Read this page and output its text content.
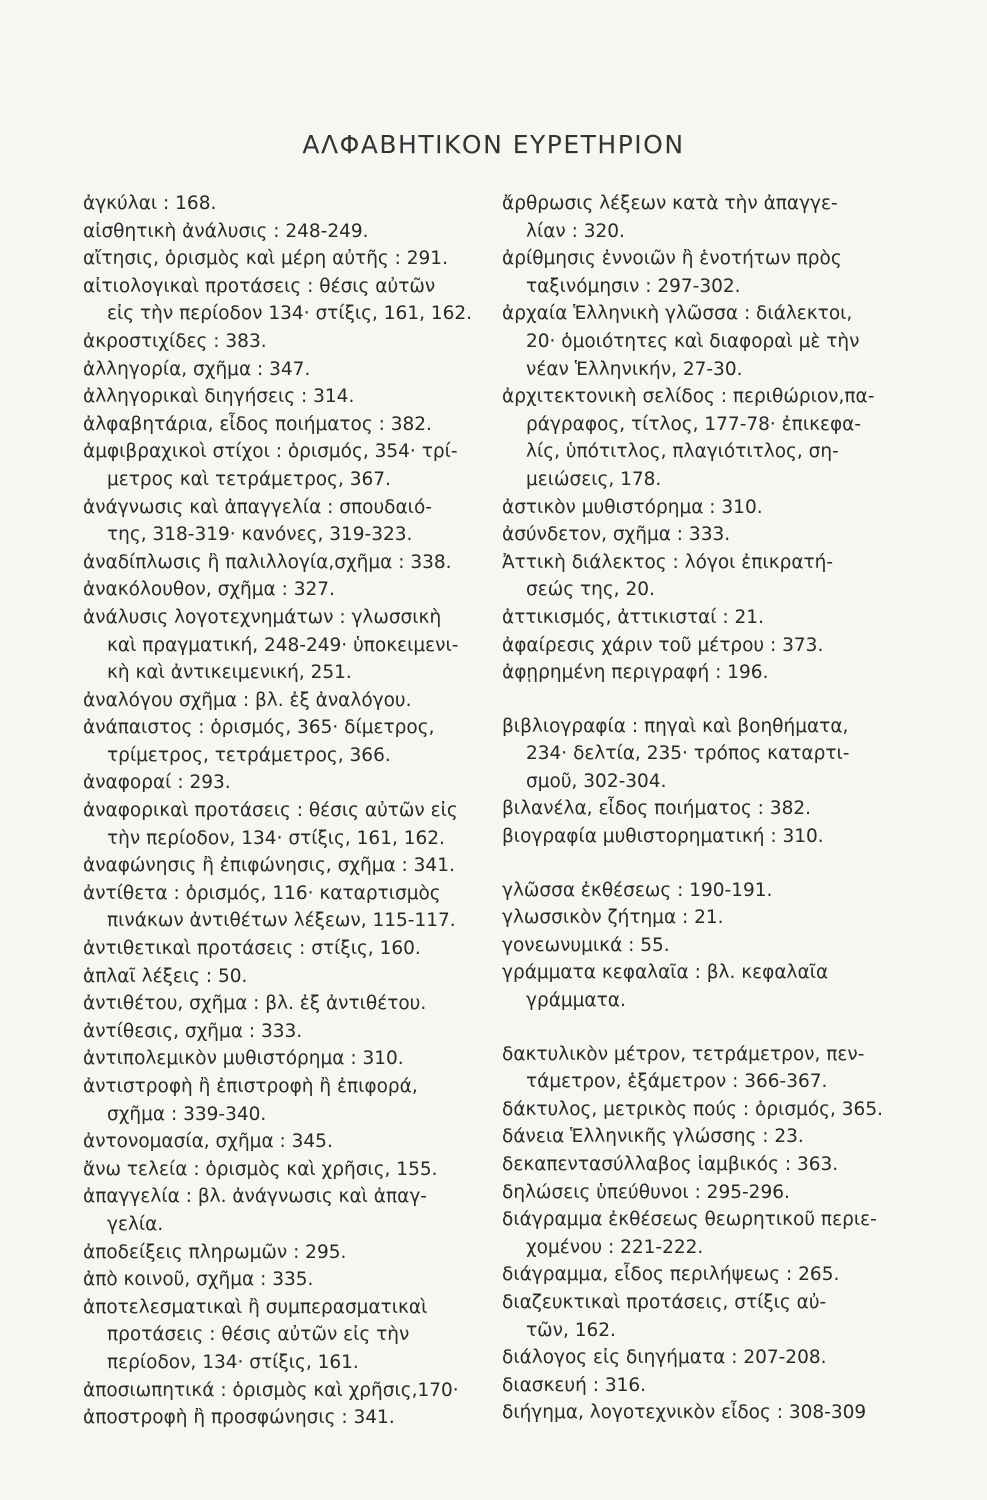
ΑΛΦΑΒΗΤΙΚΟΝ ΕΥΡΕΤΗΡΙΟΝ
ἀγκύλαι : 168.
αἰσθητικὴ ἀνάλυσις : 248-249.
αἴτησις, ὁρισμὸς καὶ μέρη αὐτῆς : 291.
αἰτιολογικαὶ προτάσεις : θέσις αὐτῶν
εἰς τὴν περίοδον 134· στίξις, 161, 162.
ἀκροστιχίδες : 383.
ἀλληγορία, σχῆμα : 347.
ἀλληγορικαὶ διηγήσεις : 314.
ἀλφαβητάρια, εἶδος ποιήματος : 382.
ἀμφιβραχικοὶ στίχοι : ὁρισμός, 354· τρί-
μετρος καὶ τετράμετρος, 367.
ἀνάγνωσις καὶ ἀπαγγελία : σπουδαιό-
της, 318-319· κανόνες, 319-323.
ἀναδίπλωσις ἢ παλιλλογία,σχῆμα : 338.
ἀνακόλουθον, σχῆμα : 327.
ἀνάλυσις λογοτεχνημάτων : γλωσσικὴ
καὶ πραγματική, 248-249· ὑποκειμενι-
κὴ καὶ ἀντικειμενική, 251.
ἀναλόγου σχῆμα : βλ. ἐξ ἀναλόγου.
ἀνάπαιστος : ὁρισμός, 365· δίμετρος,
τρίμετρος, τετράμετρος, 366.
ἀναφοραί : 293.
ἀναφορικαὶ προτάσεις : θέσις αὐτῶν εἰς
τὴν περίοδον, 134· στίξις, 161, 162.
ἀναφώνησις ἢ ἐπιφώνησις, σχῆμα : 341.
ἀντίθετα : ὁρισμός, 116· καταρτισμὸς
πινάκων ἀντιθέτων λέξεων, 115-117.
ἀντιθετικαὶ προτάσεις : στίξις, 160.
ἁπλαῖ λέξεις : 50.
ἀντιθέτου, σχῆμα : βλ. ἐξ ἀντιθέτου.
ἀντίθεσις, σχῆμα : 333.
ἀντιπολεμικὸν μυθιστόρημα : 310.
ἀντιστροφὴ ἢ ἐπιστροφὴ ἢ ἐπιφορά,
σχῆμα : 339-340.
ἀντονομασία, σχῆμα : 345.
ἄνω τελεία : ὁρισμὸς καὶ χρῆσις, 155.
ἀπαγγελία : βλ. ἀνάγνωσις καὶ ἀπαγ-
γελία.
ἀποδείξεις πληρωμῶν : 295.
ἀπὸ κοινοῦ, σχῆμα : 335.
ἀποτελεσματικαὶ ἢ συμπερασματικαὶ
προτάσεις : θέσις αὐτῶν εἰς τὴν
περίοδον, 134· στίξις, 161.
ἀποσιωπητικά : ὁρισμὸς καὶ χρῆσις,170·
ἀποστροφὴ ἢ προσφώνησις : 341.
ἄρθρωσις λέξεων κατὰ τὴν ἀπαγγε-
λίαν : 320.
ἀρίθμησις ἐννοιῶν ἢ ἑνοτήτων πρὸς
ταξινόμησιν : 297-302.
ἀρχαία Ἑλληνικὴ γλῶσσα : διάλεκτοι,
20· ὁμοιότητες καὶ διαφοραὶ μὲ τὴν
νέαν Ἑλληνικήν, 27-30.
ἀρχιτεκτονικὴ σελίδος : περιθώριον,πα-
ράγραφος, τίτλος, 177-78· ἐπικεφα-
λίς, ὑπότιτλος, πλαγιότιτλος, ση-
μειώσεις, 178.
ἀστικὸν μυθιστόρημα : 310.
ἀσύνδετον, σχῆμα : 333.
Ἀττικὴ διάλεκτος : λόγοι ἐπικρατή-
σεώς της, 20.
ἀττικισμός, ἀττικισταί : 21.
ἀφαίρεσις χάριν τοῦ μέτρου : 373.
ἀφῃρημένη περιγραφή : 196.
βιβλιογραφία : πηγαὶ καὶ βοηθήματα,
234· δελτία, 235· τρόπος καταρτι-
σμοῦ, 302-304.
βιλανέλα, εἶδος ποιήματος : 382.
βιογραφία μυθιστορηματική : 310.
γλῶσσα ἐκθέσεως : 190-191.
γλωσσικὸν ζήτημα : 21.
γονεωνυμικά : 55.
γράμματα κεφαλαῖα : βλ. κεφαλαῖα
γράμματα.
δακτυλικὸν μέτρον, τετράμετρον, πεν-
τάμετρον, ἑξάμετρον : 366-367.
δάκτυλος, μετρικὸς πούς : ὁρισμός, 365.
δάνεια Ἑλληνικῆς γλώσσης : 23.
δεκαπεντασύλλαβος ἰαμβικός : 363.
δηλώσεις ὑπεύθυνοι : 295-296.
διάγραμμα ἐκθέσεως θεωρητικοῦ περιε-
χομένου : 221-222.
διάγραμμα, εἶδος περιλήψεως : 265.
διαζευκτικαὶ προτάσεις, στίξις αὐ-
τῶν, 162.
διάλογος εἰς διηγήματα : 207-208.
διασκευή : 316.
διήγημα, λογοτεχνικὸν εἶδος : 308-309
